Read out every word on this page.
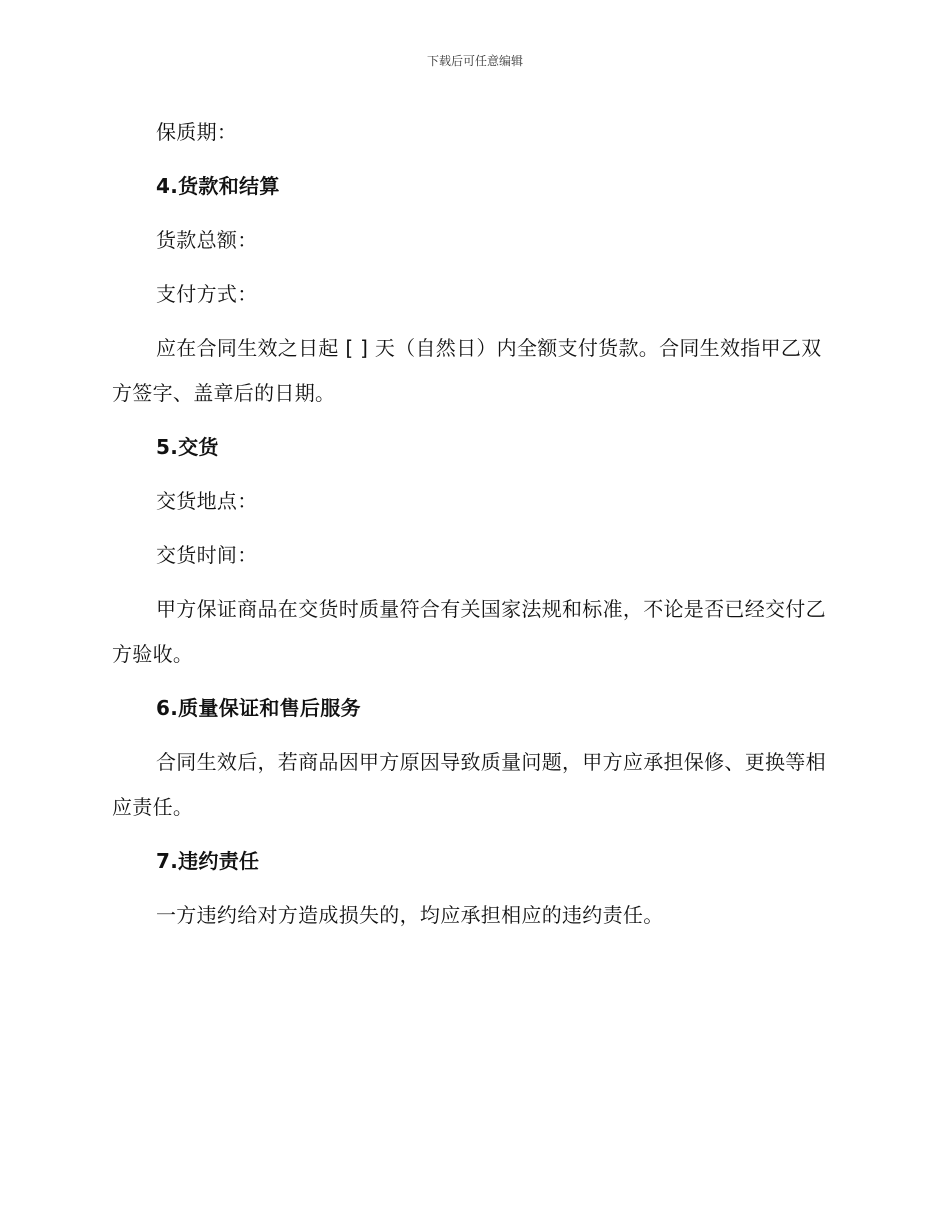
下载后可任意编辑

保质期：

4.货款和结算

货款总额：

支付方式：

应在合同生效之日起 [ ] 天（自然日）内全额支付货款。合同生效指甲乙双方签字、盖章后的日期。

5.交货

交货地点：

交货时间：

甲方保证商品在交货时质量符合有关国家法规和标准，不论是否已经交付乙方验收。

6.质量保证和售后服务

合同生效后，若商品因甲方原因导致质量问题，甲方应承担保修、更换等相应责任。

7.违约责任

一方违约给对方造成损失的，均应承担相应的违约责任。
